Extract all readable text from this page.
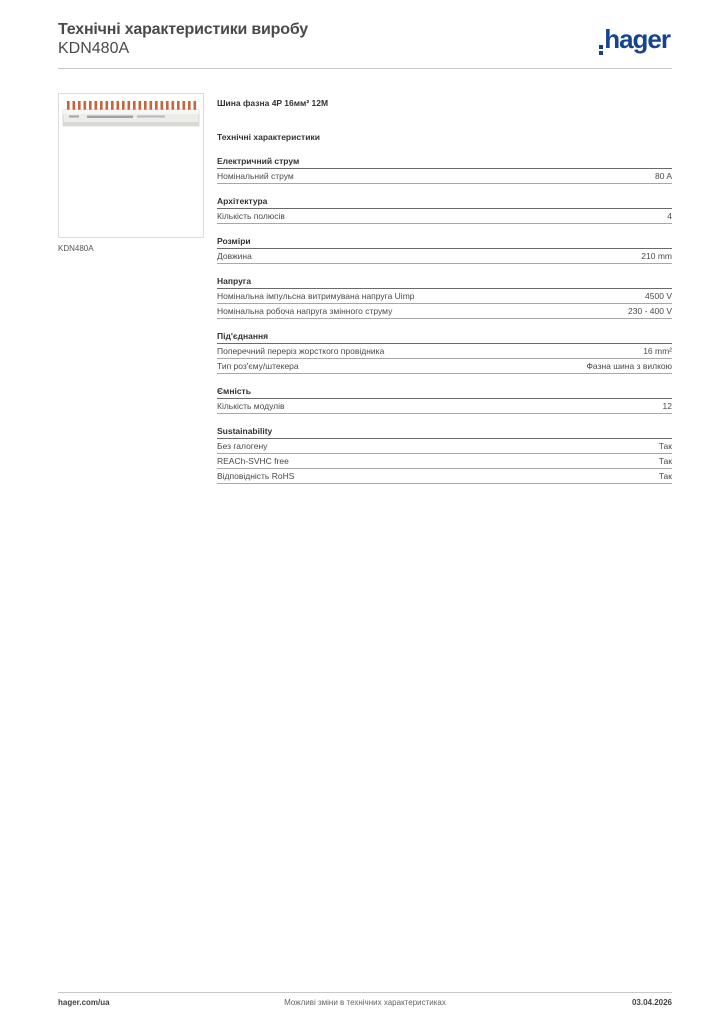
Технічні характеристики виробу
KDN480A	hager
KDN480A
Шина фазна 4P 16мм² 12M
Технічні характеристики
Електричний струм
Номінальний струм	80 A
Архітектура
Кількість полюсів	4
Розміри
Довжина	210 mm
Напруга
Номінальна імпульсна витримувана напруга Uimp	4500 V
Номінальна робоча напруга змінного струму	230 - 400 V
Під'єднання
Поперечний переріз жорсткого провідника	16 mm²
Тип роз'єму/штекера	Фазна шина з вилкою
Ємність
Кількість модулів	12
Sustainability
Без галогену	Так
REACh-SVHC free	Так
Відповідність RoHS	Так
hager.com/ua	Можливі зміни в технічних характеристиках	03.04.2026
